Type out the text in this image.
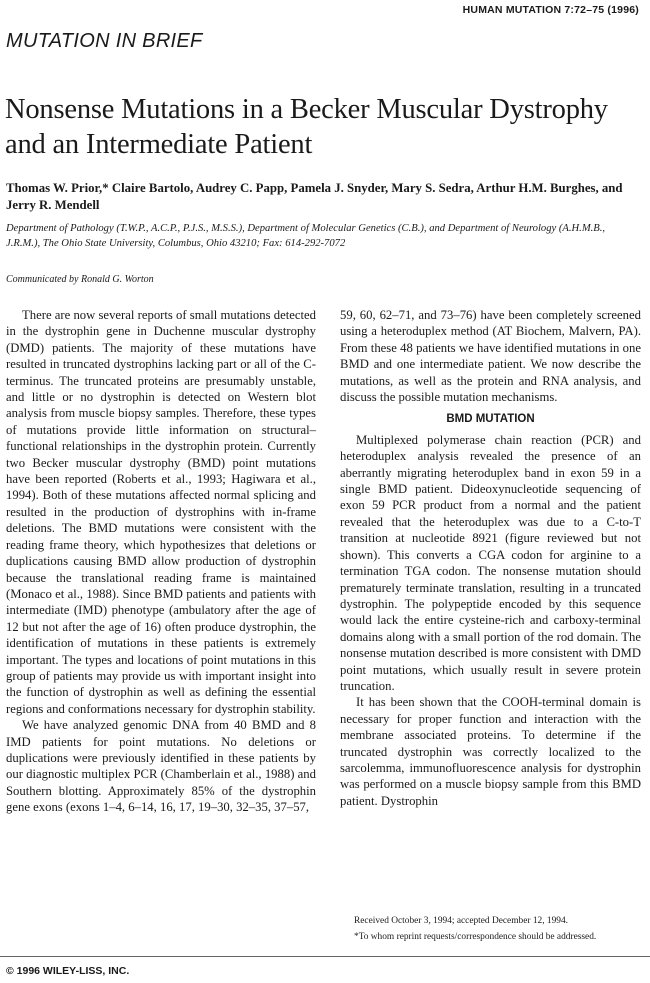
HUMAN MUTATION 7:72–75 (1996)
MUTATION IN BRIEF
Nonsense Mutations in a Becker Muscular Dystrophy and an Intermediate Patient

Thomas W. Prior,* Claire Bartolo, Audrey C. Papp, Pamela J. Snyder, Mary S. Sedra, Arthur H.M. Burghes, and Jerry R. Mendell

Department of Pathology (T.W.P., A.C.P., P.J.S., M.S.S.), Department of Molecular Genetics (C.B.), and Department of Neurology (A.H.M.B., J.R.M.), The Ohio State University, Columbus, Ohio 43210; Fax: 614-292-7072

Communicated by Ronald G. Worton

There are now several reports of small mutations detected in the dystrophin gene in Duchenne muscular dystrophy (DMD) patients. The majority of these mutations have resulted in truncated dystrophins lacking part or all of the C-terminus. The truncated proteins are presumably unstable, and little or no dystrophin is detected on Western blot analysis from muscle biopsy samples. Therefore, these types of mutations provide little information on structural–functional relationships in the dystrophin protein. Currently two Becker muscular dystrophy (BMD) point mutations have been reported (Roberts et al., 1993; Hagiwara et al., 1994). Both of these mutations affected normal splicing and resulted in the production of dystrophins with in-frame deletions. The BMD mutations were consistent with the reading frame theory, which hypothesizes that deletions or duplications causing BMD allow production of dystrophin because the translational reading frame is maintained (Monaco et al., 1988). Since BMD patients and patients with intermediate (IMD) phenotype (ambulatory after the age of 12 but not after the age of 16) often produce dystrophin, the identification of mutations in these patients is extremely important. The types and locations of point mutations in this group of patients may provide us with important insight into the function of dystrophin as well as defining the essential regions and conformations necessary for dystrophin stability.

We have analyzed genomic DNA from 40 BMD and 8 IMD patients for point mutations. No deletions or duplications were previously identified in these patients by our diagnostic multiplex PCR (Chamberlain et al., 1988) and Southern blotting. Approximately 85% of the dystrophin gene exons (exons 1–4, 6–14, 16, 17, 19–30, 32–35, 37–57,

59, 60, 62–71, and 73–76) have been completely screened using a heteroduplex method (AT Biochem, Malvern, PA). From these 48 patients we have identified mutations in one BMD and one intermediate patient. We now describe the mutations, as well as the protein and RNA analysis, and discuss the possible mutation mechanisms.

BMD MUTATION

Multiplexed polymerase chain reaction (PCR) and heteroduplex analysis revealed the presence of an aberrantly migrating heteroduplex band in exon 59 in a single BMD patient. Dideoxynucleotide sequencing of exon 59 PCR product from a normal and the patient revealed that the heteroduplex was due to a C-to-T transition at nucleotide 8921 (figure reviewed but not shown). This converts a CGA codon for arginine to a termination TGA codon. The nonsense mutation should prematurely terminate translation, resulting in a truncated dystrophin. The polypeptide encoded by this sequence would lack the entire cysteine-rich and carboxy-terminal domains along with a small portion of the rod domain. The nonsense mutation described is more consistent with DMD point mutations, which usually result in severe protein truncation.

It has been shown that the COOH-terminal domain is necessary for proper function and interaction with the membrane associated proteins. To determine if the truncated dystrophin was correctly localized to the sarcolemma, immunofluorescence analysis for dystrophin was performed on a muscle biopsy sample from this BMD patient. Dystrophin

Received October 3, 1994; accepted December 12, 1994.

*To whom reprint requests/correspondence should be addressed.

© 1996 WILEY-LISS, INC.
